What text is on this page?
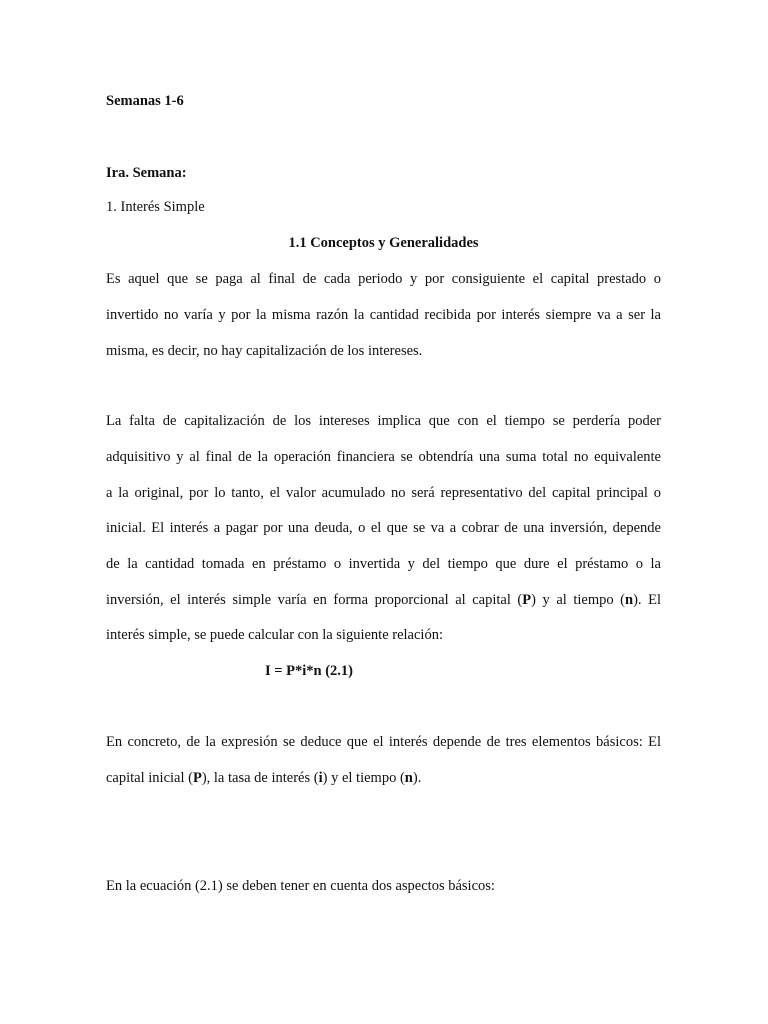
Semanas 1-6
Ira. Semana:
1. Interés Simple
1.1 Conceptos y Generalidades
Es aquel que se paga al final de cada periodo y por consiguiente el capital prestado o
invertido no varía y por la misma razón la cantidad recibida por interés siempre va a ser la
misma, es decir, no hay capitalización de los intereses.
La falta de capitalización de los intereses implica que con el tiempo se perdería poder
adquisitivo y al final de la operación financiera se obtendría una suma total no equivalente
a la original, por lo tanto, el valor acumulado no será representativo del capital principal o
inicial. El interés a pagar por una deuda, o el que se va a cobrar de una inversión, depende
de la cantidad tomada en préstamo o invertida y del tiempo que dure el préstamo o la
inversión, el interés simple varía en forma proporcional al capital (P) y al tiempo (n). El
interés simple, se puede calcular con la siguiente relación:
I = P*i*n (2.1)
En concreto, de la expresión se deduce que el interés depende de tres elementos básicos: El
capital inicial (P), la tasa de interés (i) y el tiempo (n).
En la ecuación (2.1) se deben tener en cuenta dos aspectos básicos:
